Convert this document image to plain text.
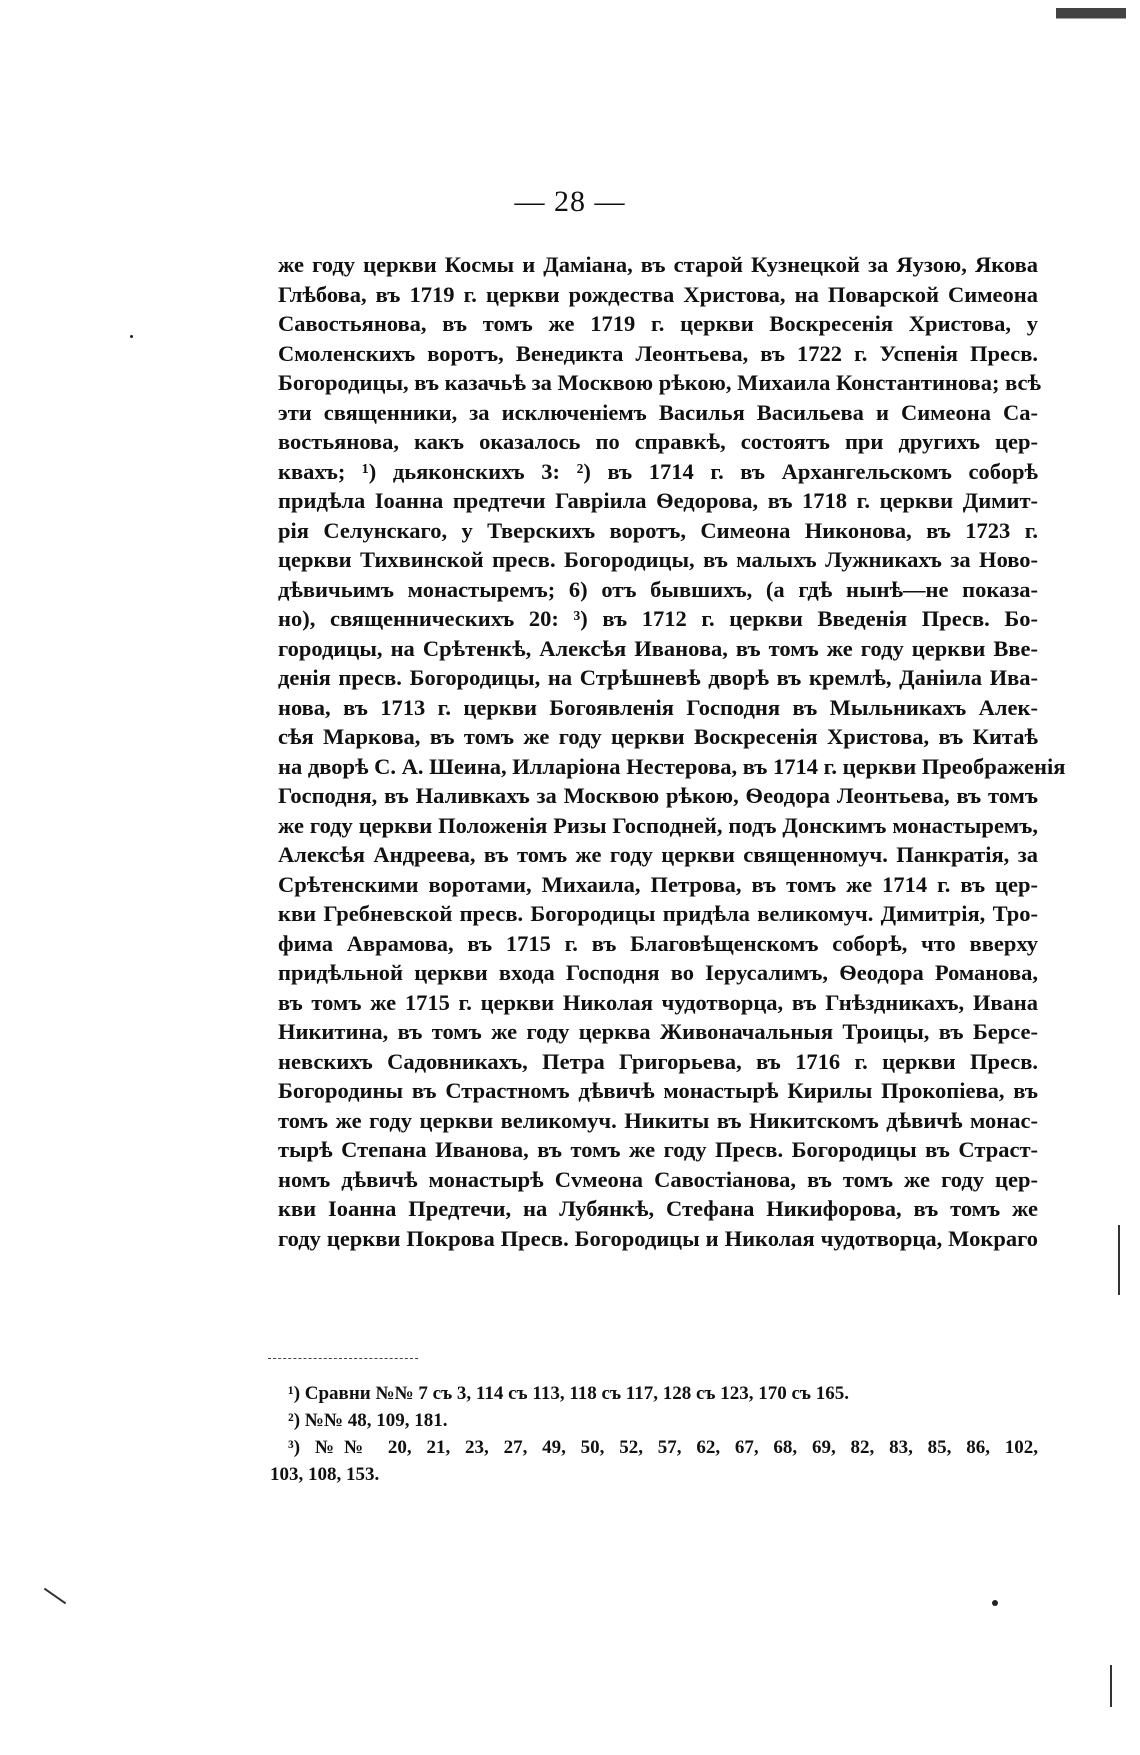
— 28 —
же году церкви Космы и Даміана, въ старой Кузнецкой за Яузою, Якова
Глѣбова, въ 1719 г. церкви рождества Христова, на Поварской Симеона
Савостьянова, въ томъ же 1719 г. церкви Воскресенія Христова, у
Смоленскихъ воротъ, Венедикта Леонтьева, въ 1722 г. Успенія Пресв.
Богородицы, въ казачьѣ за Москвою рѣкою, Михаила Константинова; всѣ
эти священники, за исключеніемъ Василья Васильева и Симеона Са-
востьянова, какъ оказалось по справкѣ, состоятъ при другихъ цер-
квахъ; ¹) дьяконскихъ 3: ²) въ 1714 г. въ Архангельскомъ соборѣ
придѣла Іоанна предтечи Гавріила Ѳедорова, въ 1718 г. церкви Димит-
рія Селунскаго, у Тверскихъ воротъ, Симеона Никонова, въ 1723 г.
церкви Тихвинской пресв. Богородицы, въ малыхъ Лужникахъ за Ново-
дѣвичьимъ монастыремъ; 6) отъ бывшихъ, (а гдѣ нынѣ—не показа-
но), священническихъ 20: ³) въ 1712 г. церкви Введенія Пресв. Бо-
городицы, на Срѣтенкѣ, Алексѣя Иванова, въ томъ же году церкви Вве-
денія пресв. Богородицы, на Стрѣшневѣ дворѣ въ кремлѣ, Даніила Ива-
нова, въ 1713 г. церкви Богоявленія Господня въ Мыльникахъ Алек-
сѣя Маркова, въ томъ же году церкви Воскресенія Христова, въ Китаѣ
на дворѣ С. А. Шеина, Илларіона Нестерова, въ 1714 г. церкви Преображенія
Господня, въ Наливкахъ за Москвою рѣкою, Ѳеодора Леонтьева, въ томъ
же году церкви Положенія Ризы Господней, подъ Донскимъ монастыремъ,
Алексѣя Андреева, въ томъ же году церкви священномуч. Панкратія, за
Срѣтенскими воротами, Михаила, Петрова, въ томъ же 1714 г. въ цер-
кви Гребневской пресв. Богородицы придѣла великомуч. Димитрія, Тро-
фима Аврамова, въ 1715 г. въ Благовѣщенскомъ соборѣ, что вверху
придѣльной церкви входа Господня во Іерусалимъ, Ѳеодора Романова,
въ томъ же 1715 г. церкви Николая чудотворца, въ Гнѣздникахъ, Ивана
Никитина, въ томъ же году церква Живоначальныя Троицы, въ Берсе-
невскихъ Садовникахъ, Петра Григорьева, въ 1716 г. церкви Пресв.
Богородины въ Страстномъ дѣвичѣ монастырѣ Кирилы Прокопіева, въ
томъ же году церкви великомуч. Никиты въ Никитскомъ дѣвичѣ монас-
тырѣ Степана Иванова, въ томъ же году Пресв. Богородицы въ Страст-
номъ дѣвичѣ монастырѣ Сvмеона Савостіанова, въ томъ же году цер-
кви Іоанна Предтечи, на Лубянкѣ, Стефана Никифорова, въ томъ же
году церкви Покрова Пресв. Богородицы и Николая чудотворца, Мокраго
¹) Сравни №№ 7 съ 3, 114 съ 113, 118 съ 117, 128 съ 123, 170 съ 165.
²) №№ 48, 109, 181.
³) №№ 20, 21, 23, 27, 49, 50, 52, 57, 62, 67, 68, 69, 82, 83, 85, 86, 102,
103, 108, 153.
